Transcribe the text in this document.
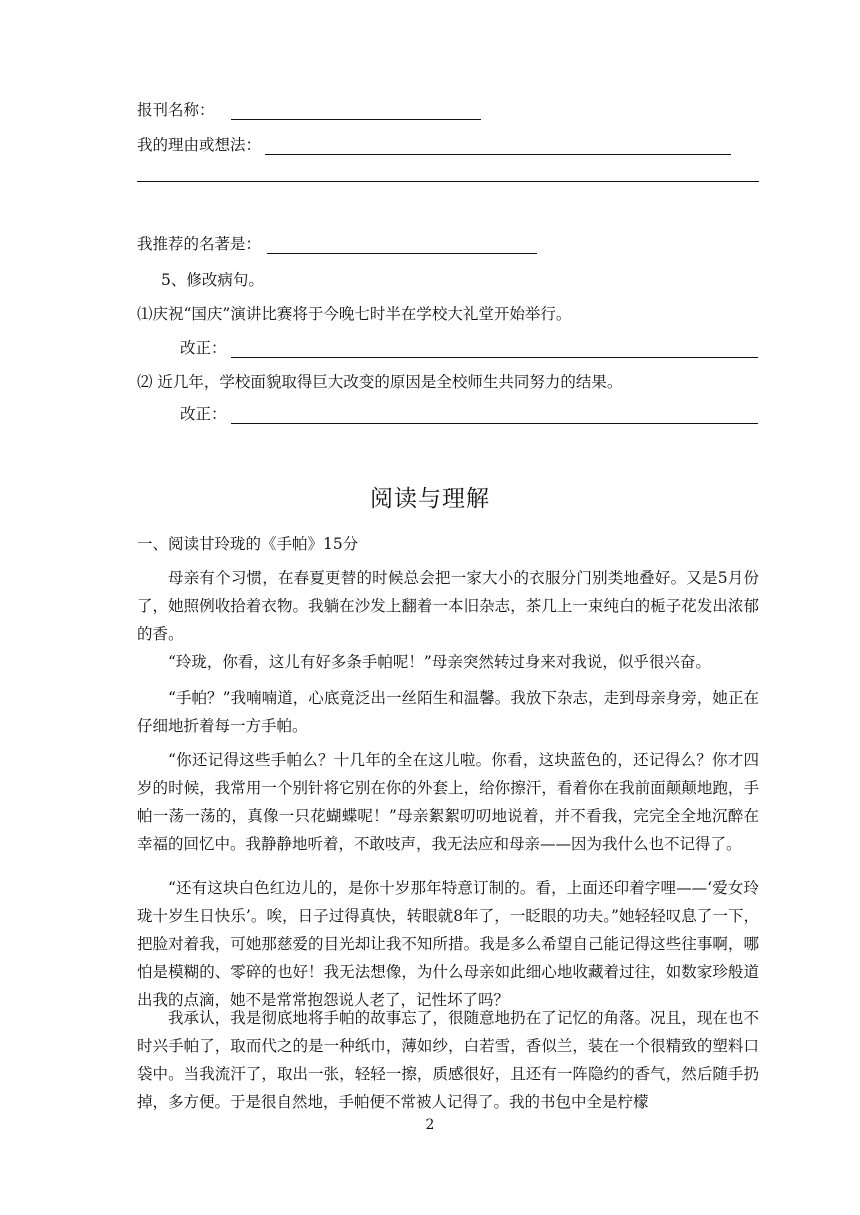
报刊名称：
我的理由或想法：
我推荐的名著是：
5、修改病句。
⑴庆祝“国庆”演讲比赛将于今晚七时半在学校大礼堂开始举行。
改正：
⑵ 近几年，学校面貌取得巨大改变的原因是全校师生共同努力的结果。
改正：
阅读与理解
一、阅读甘玲珑的《手帕》15分
母亲有个习惯，在春夏更替的时候总会把一家大小的衣服分门别类地叠好。又是5月份了，她照例收拾着衣物。我躺在沙发上翻着一本旧杂志，茶几上一束纯白的栀子花发出浓郁的香。
“玲珑，你看，这儿有好多条手帕呢！”母亲突然转过身来对我说，似乎很兴奋。
“手帕？”我喃喃道，心底竟泛出一丝陌生和温馨。我放下杂志，走到母亲身旁，她正在仔细地折着每一方手帕。
“你还记得这些手帕么？十几年的全在这儿啦。你看，这块蓝色的，还记得么？你才四岁的时候，我常用一个别针将它别在你的外套上，给你擦汗，看着你在我前面颠颠地跑，手帕一荡一荡的，真像一只花蝴蝶呢！”母亲絮絮叨叨地说着，并不看我，完完全全地沉醉在幸福的回忆中。我静静地听着，不敢吱声，我无法应和母亲——因为我什么也不记得了。
“还有这块白色红边儿的，是你十岁那年特意订制的。看，上面还印着字哩——‘爱女玲珑十岁生日快乐’。唉，日子过得真快，转眼就8年了，一眨眼的功夫。”她轻轻叹息了一下，把脸对着我，可她那慈爱的目光却让我不知所措。我是多么希望自己能记得这些往事啊，哪怕是模糊的、零碎的也好！我无法想像，为什么母亲如此细心地收藏着过往，如数家珍般道出我的点滴，她不是常常抱怨说人老了，记性坏了吗？
我承认，我是彻底地将手帕的故事忘了，很随意地扔在了记忆的角落。况且，现在也不时兴手帕了，取而代之的是一种纸巾，薄如纱，白若雪，香似兰，装在一个很精致的塑料口袋中。当我流汗了，取出一张，轻轻一擦，质感很好，且还有一阵隐约的香气，然后随手扔掉，多方便。于是很自然地，手帕便不常被人记得了。我的书包中全是柠檬
2
